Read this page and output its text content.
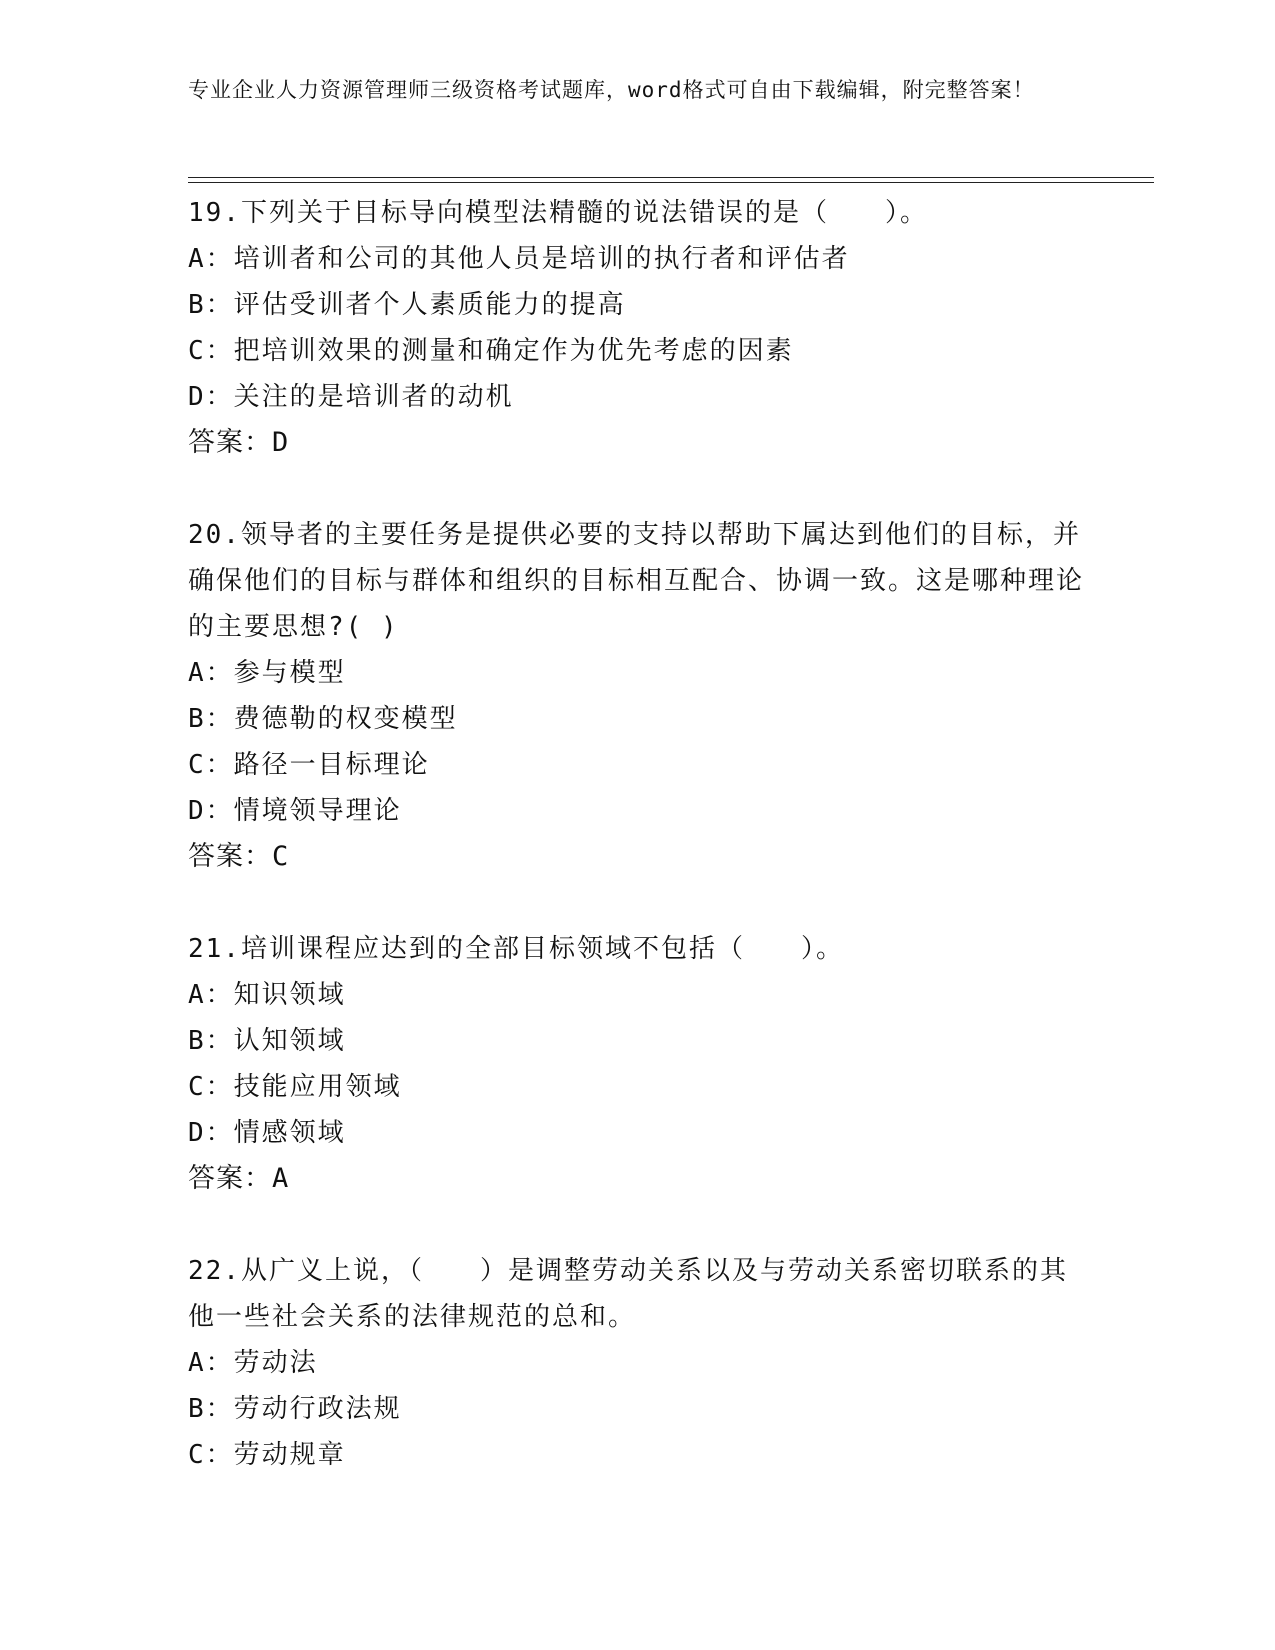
专业企业人力资源管理师三级资格考试题库，word格式可自由下载编辑，附完整答案！

19.下列关于目标导向模型法精髓的说法错误的是（　　）。

A：培训者和公司的其他人员是培训的执行者和评估者

B：评估受训者个人素质能力的提高

C：把培训效果的测量和确定作为优先考虑的因素

D：关注的是培训者的动机

答案：D

20.领导者的主要任务是提供必要的支持以帮助下属达到他们的目标，并确保他们的目标与群体和组织的目标相互配合、协调一致。这是哪种理论的主要思想?( )

A：参与模型

B：费德勒的权变模型

C：路径一目标理论

D：情境领导理论

答案：C

21.培训课程应达到的全部目标领域不包括（　　）。

A：知识领域

B：认知领域

C：技能应用领域

D：情感领域

答案：A

22.从广义上说，（　　）是调整劳动关系以及与劳动关系密切联系的其他一些社会关系的法律规范的总和。

A：劳动法

B：劳动行政法规

C：劳动规章
